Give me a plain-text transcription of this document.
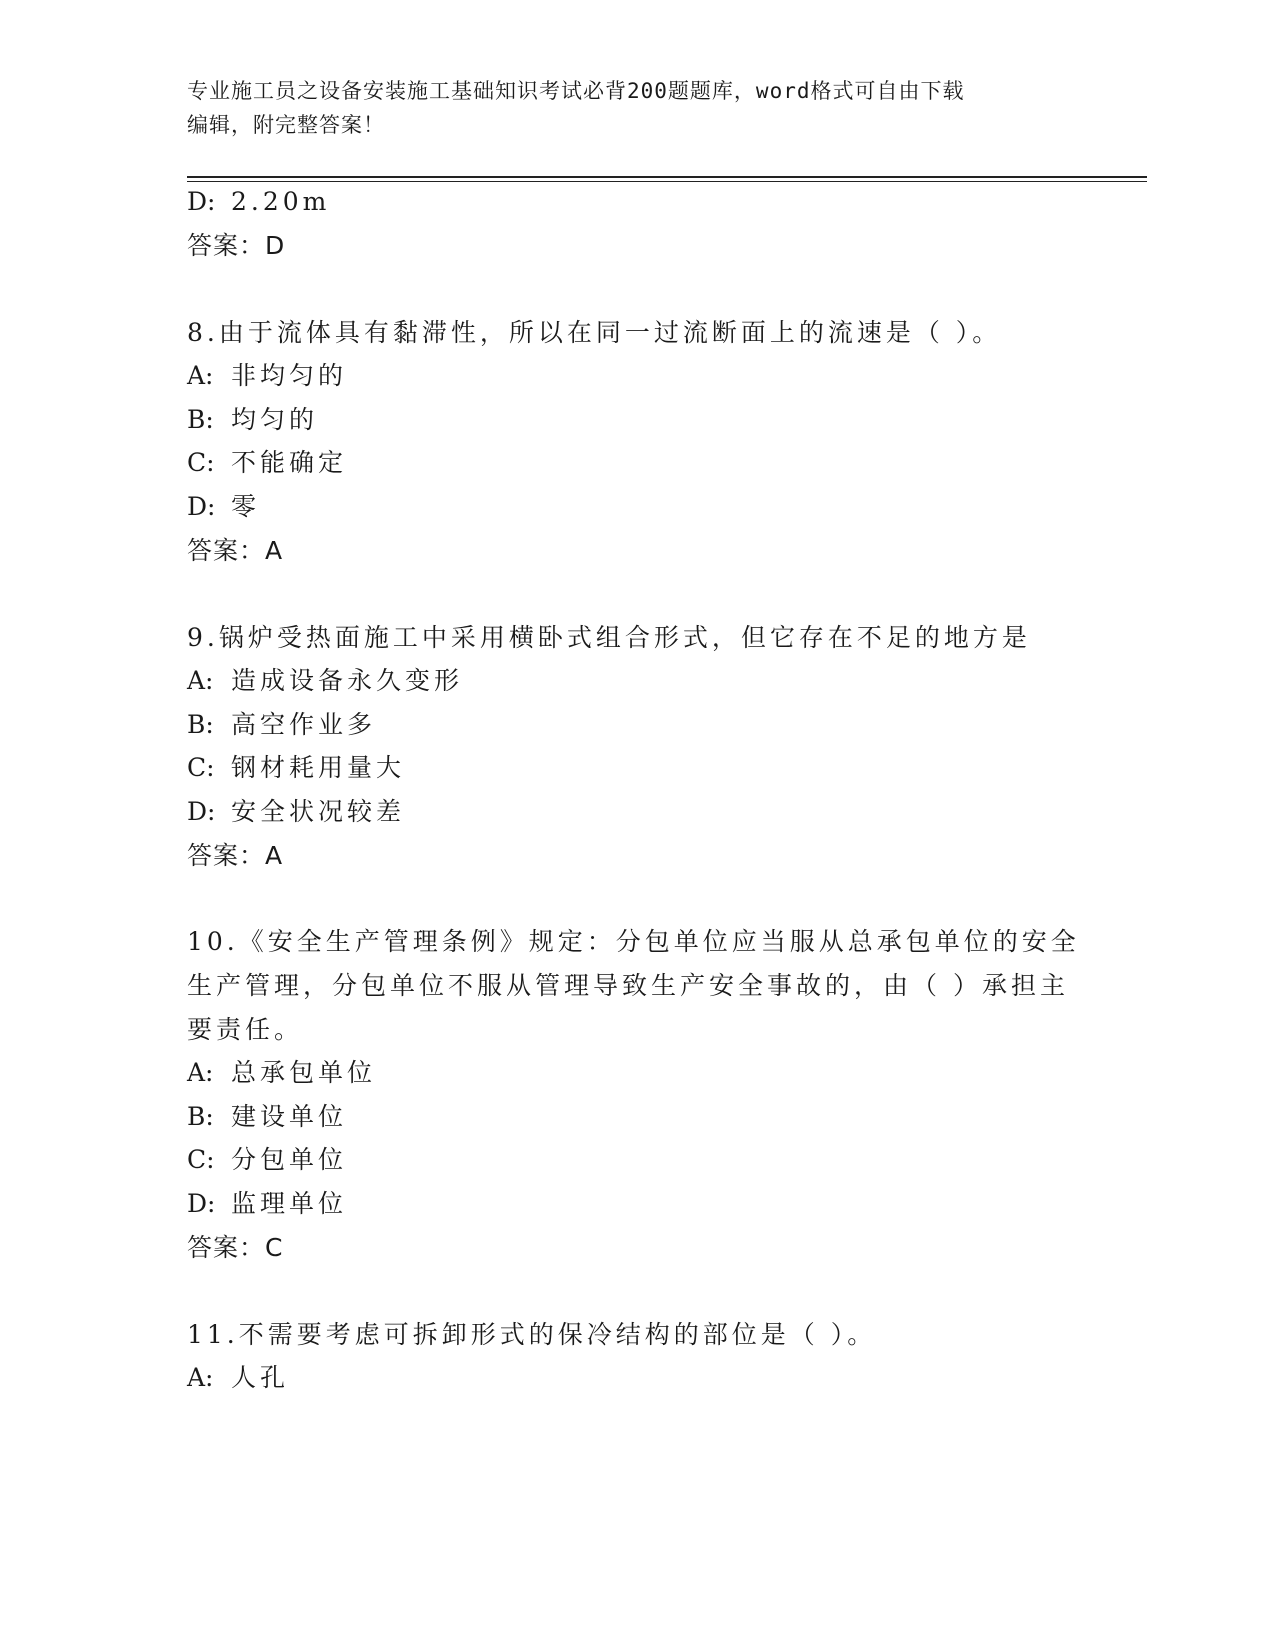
专业施工员之设备安装施工基础知识考试必背200题题库，word格式可自由下载
编辑，附完整答案！
D: 2.20m
答案：D
8.由于流体具有黏滞性，所以在同一过流断面上的流速是（ ）。
A: 非均匀的
B: 均匀的
C: 不能确定
D: 零
答案：A
9.锅炉受热面施工中采用横卧式组合形式，但它存在不足的地方是
A: 造成设备永久变形
B: 高空作业多
C: 钢材耗用量大
D: 安全状况较差
答案：A
10.《安全生产管理条例》规定：分包单位应当服从总承包单位的安全
生产管理，分包单位不服从管理导致生产安全事故的，由（ ）承担主
要责任。
A: 总承包单位
B: 建设单位
C: 分包单位
D: 监理单位
答案：C
11.不需要考虑可拆卸形式的保冷结构的部位是（ ）。
A: 人孔
